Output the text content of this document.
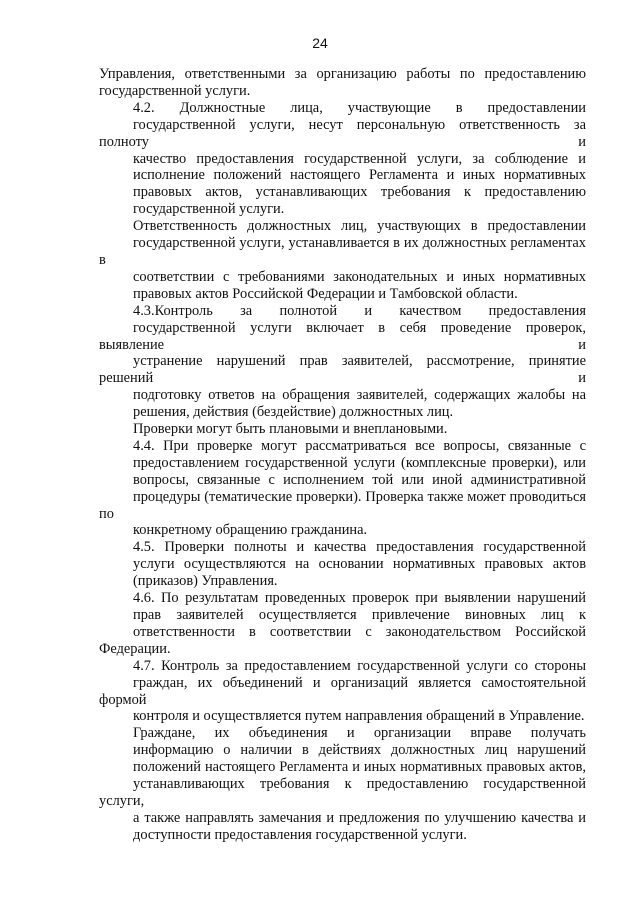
24

Управления, ответственными за организацию работы по предоставлению
государственной услуги.

4.2. Должностные лица, участвующие в предоставлении
государственной услуги, несут персональную ответственность за полноту и
качество предоставления государственной услуги, за соблюдение и
исполнение положений настоящего Регламента и иных нормативных
правовых актов, устанавливающих требования к предоставлению
государственной услуги.

Ответственность должностных лиц, участвующих в предоставлении
государственной услуги, устанавливается в их должностных регламентах в
соответствии с требованиями законодательных и иных нормативных
правовых актов Российской Федерации и Тамбовской области.

4.3.Контроль за полнотой и качеством предоставления
государственной услуги включает в себя проведение проверок, выявление и
устранение нарушений прав заявителей, рассмотрение, принятие решений и
подготовку ответов на обращения заявителей, содержащих жалобы на
решения, действия (бездействие) должностных лиц.

Проверки могут быть плановыми и внеплановыми.

4.4. При проверке могут рассматриваться все вопросы, связанные с
предоставлением государственной услуги (комплексные проверки), или
вопросы, связанные с исполнением той или иной административной
процедуры (тематические проверки). Проверка также может проводиться по
конкретному обращению гражданина.

4.5. Проверки полноты и качества предоставления государственной
услуги осуществляются на основании нормативных правовых актов
(приказов) Управления.

4.6. По результатам проведенных проверок при выявлении нарушений
прав заявителей осуществляется привлечение виновных лиц к
ответственности в соответствии с законодательством Российской Федерации.

4.7. Контроль за предоставлением государственной услуги со стороны
граждан, их объединений и организаций является самостоятельной формой
контроля и осуществляется путем направления обращений в Управление.

Граждане, их объединения и организации вправе получать
информацию о наличии в действиях должностных лиц нарушений
положений настоящего Регламента и иных нормативных правовых актов,
устанавливающих требования к предоставлению государственной услуги,
а также направлять замечания и предложения по улучшению качества и
доступности предоставления государственной услуги.
